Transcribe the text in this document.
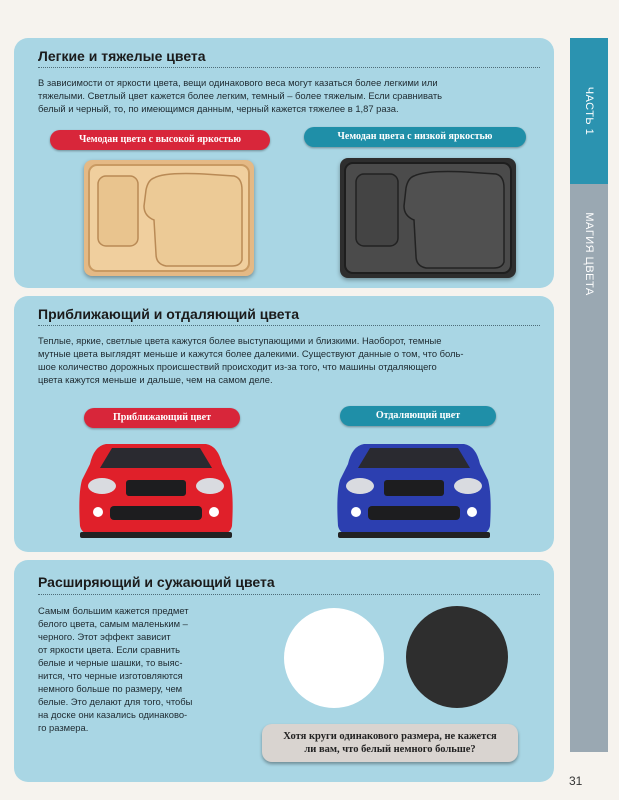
Легкие и тяжелые цвета
В зависимости от яркости цвета, вещи одинакового веса могут казаться более легкими или
тяжелыми. Светлый цвет кажется более легким, темный – более тяжелым. Если сравнивать
белый и черный, то, по имеющимся данным, черный кажется тяжелее в 1,87 раза.
Чемодан цвета с высокой яркостью	Чемодан цвета с низкой яркостью
Приближающий и отдаляющий цвета
Теплые, яркие, светлые цвета кажутся более выступающими и близкими. Наоборот, темные
мутные цвета выглядят меньше и кажутся более далекими. Существуют данные о том, что боль-
шое количество дорожных происшествий происходит из-за того, что машины отдаляющего
цвета кажутся меньше и дальше, чем на самом деле.
Приближающий цвет	Отдаляющий цвет
Расширяющий и сужающий цвета
Самым большим кажется предмет
белого цвета, самым маленьким –
черного. Этот эффект зависит
от яркости цвета. Если сравнить
белые и черные шашки, то выяс-
нится, что черные изготовляются
немного больше по размеру, чем
белые. Это делают для того, чтобы
на доске они казались одинаково-
го размера.
Хотя круги одинакового размера, не кажется
ли вам, что белый немного больше?
ЧАСТЬ 1
МАГИЯ ЦВЕТА
31
